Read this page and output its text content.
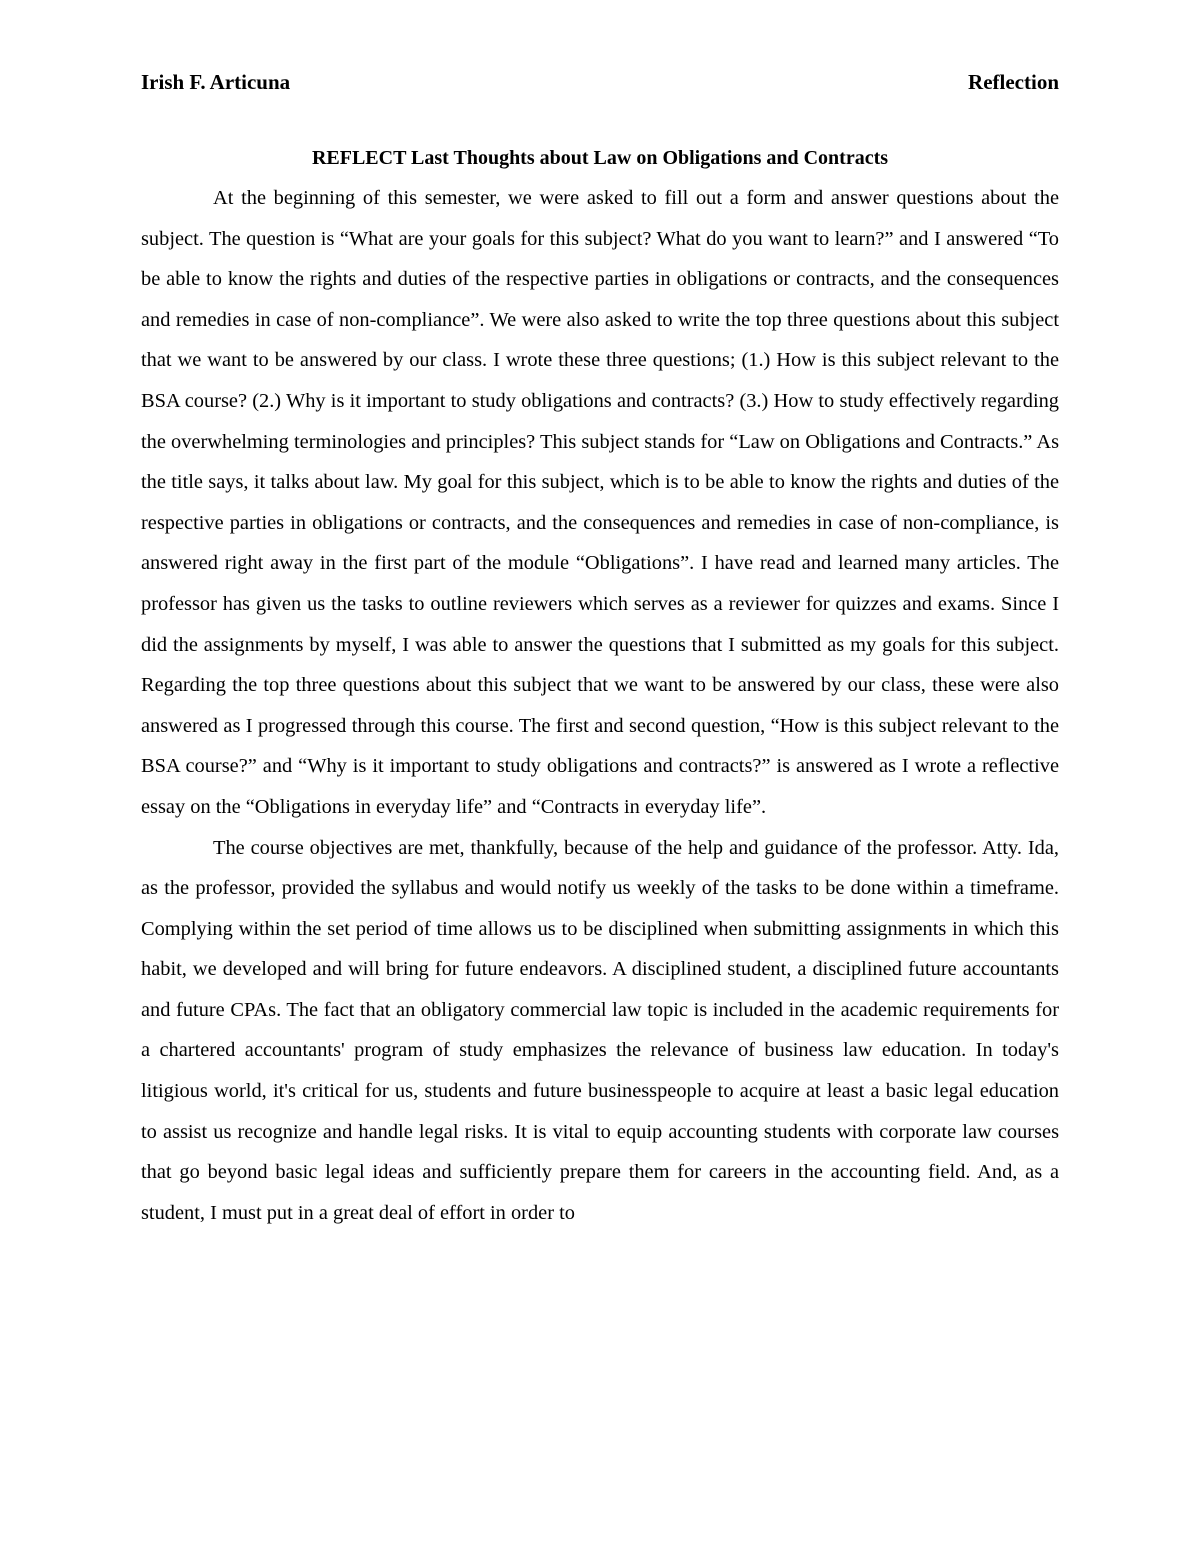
Irish F. Articuna	Reflection
REFLECT Last Thoughts about Law on Obligations and Contracts

At the beginning of this semester, we were asked to fill out a form and answer questions about the subject. The question is “What are your goals for this subject? What do you want to learn?” and I answered “To be able to know the rights and duties of the respective parties in obligations or contracts, and the consequences and remedies in case of non-compliance”. We were also asked to write the top three questions about this subject that we want to be answered by our class. I wrote these three questions; (1.) How is this subject relevant to the BSA course? (2.) Why is it important to study obligations and contracts? (3.) How to study effectively regarding the overwhelming terminologies and principles? This subject stands for “Law on Obligations and Contracts.” As the title says, it talks about law. My goal for this subject, which is to be able to know the rights and duties of the respective parties in obligations or contracts, and the consequences and remedies in case of non-compliance, is answered right away in the first part of the module “Obligations”. I have read and learned many articles. The professor has given us the tasks to outline reviewers which serves as a reviewer for quizzes and exams. Since I did the assignments by myself, I was able to answer the questions that I submitted as my goals for this subject. Regarding the top three questions about this subject that we want to be answered by our class, these were also answered as I progressed through this course. The first and second question, “How is this subject relevant to the BSA course?” and “Why is it important to study obligations and contracts?” is answered as I wrote a reflective essay on the “Obligations in everyday life” and “Contracts in everyday life”.

The course objectives are met, thankfully, because of the help and guidance of the professor. Atty. Ida, as the professor, provided the syllabus and would notify us weekly of the tasks to be done within a timeframe. Complying within the set period of time allows us to be disciplined when submitting assignments in which this habit, we developed and will bring for future endeavors. A disciplined student, a disciplined future accountants and future CPAs. The fact that an obligatory commercial law topic is included in the academic requirements for a chartered accountants' program of study emphasizes the relevance of business law education. In today's litigious world, it's critical for us, students and future businesspeople to acquire at least a basic legal education to assist us recognize and handle legal risks. It is vital to equip accounting students with corporate law courses that go beyond basic legal ideas and sufficiently prepare them for careers in the accounting field. And, as a student, I must put in a great deal of effort in order to
